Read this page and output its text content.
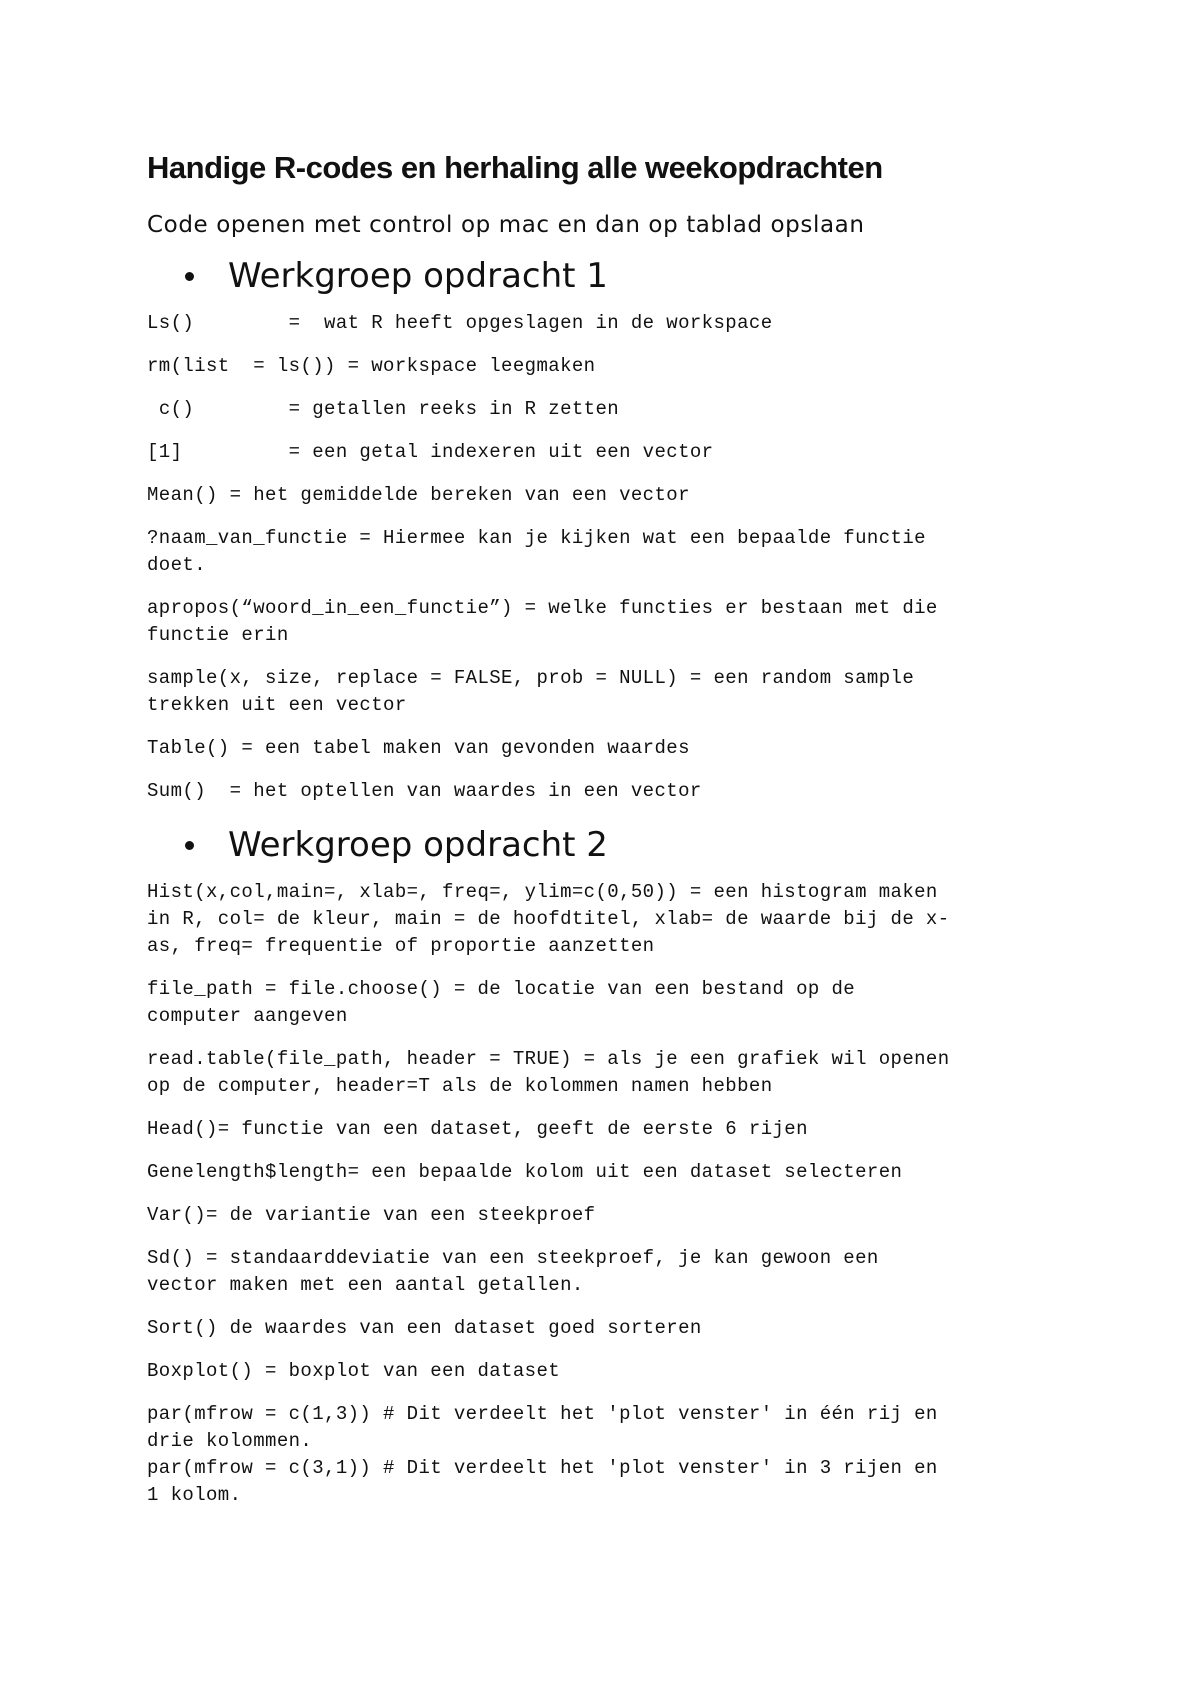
Handige R-codes en herhaling alle weekopdrachten
Code openen met control op mac en dan op tablad opslaan
Werkgroep opdracht 1
Ls()        =  wat R heeft opgeslagen in de workspace
rm(list  = ls()) = workspace leegmaken
c()        = getallen reeks in R zetten
[1]         = een getal indexeren uit een vector
Mean() = het gemiddelde bereken van een vector
?naam_van_functie = Hiermee kan je kijken wat een bepaalde functie
doet.
apropos(“woord_in_een_functie”) = welke functies er bestaan met die
functie erin
sample(x, size, replace = FALSE, prob = NULL) = een random sample
trekken uit een vector
Table() = een tabel maken van gevonden waardes
Sum()  = het optellen van waardes in een vector
Werkgroep opdracht 2
Hist(x,col,main=, xlab=, freq=, ylim=c(0,50)) = een histogram maken
in R, col= de kleur, main = de hoofdtitel, xlab= de waarde bij de x-
as, freq= frequentie of proportie aanzetten
file_path = file.choose() = de locatie van een bestand op de
computer aangeven
read.table(file_path, header = TRUE) = als je een grafiek wil openen
op de computer, header=T als de kolommen namen hebben
Head()= functie van een dataset, geeft de eerste 6 rijen
Genelength$length= een bepaalde kolom uit een dataset selecteren
Var()= de variantie van een steekproef
Sd() = standaarddeviatie van een steekproef, je kan gewoon een
vector maken met een aantal getallen.
Sort() de waardes van een dataset goed sorteren
Boxplot() = boxplot van een dataset
par(mfrow = c(1,3)) # Dit verdeelt het 'plot venster' in één rij en
drie kolommen.
par(mfrow = c(3,1)) # Dit verdeelt het 'plot venster' in 3 rijen en
1 kolom.
